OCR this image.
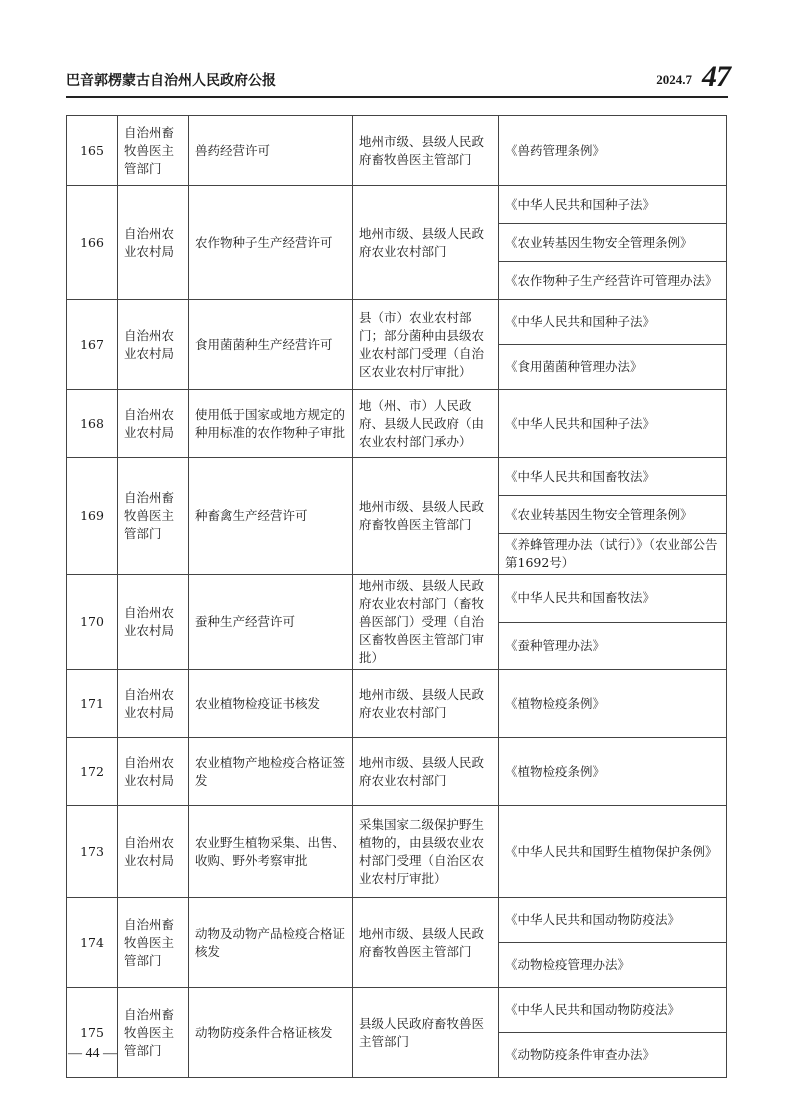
巴音郭楞蒙古自治州人民政府公报	2024.7 47
165	自治州畜牧兽医主管部门	兽药经营许可	地州市级、县级人民政府畜牧兽医主管部门	《兽药管理条例》
166	自治州农业农村局	农作物种子生产经营许可	地州市级、县级人民政府农业农村部门	《中华人民共和国种子法》
				《农业转基因生物安全管理条例》
				《农作物种子生产经营许可管理办法》
167	自治州农业农村局	食用菌菌种生产经营许可	县（市）农业农村部门；部分菌种由县级农业农村部门受理（自治区农业农村厅审批）	《中华人民共和国种子法》
				《食用菌菌种管理办法》
168	自治州农业农村局	使用低于国家或地方规定的种用标准的农作物种子审批	地（州、市）人民政府、县级人民政府（由农业农村部门承办）	《中华人民共和国种子法》
169	自治州畜牧兽医主管部门	种畜禽生产经营许可	地州市级、县级人民政府畜牧兽医主管部门	《中华人民共和国畜牧法》
				《农业转基因生物安全管理条例》
				《养蜂管理办法（试行）》（农业部公告第1692号）
170	自治州农业农村局	蚕种生产经营许可	地州市级、县级人民政府农业农村部门（畜牧兽医部门）受理（自治区畜牧兽医主管部门审批）	《中华人民共和国畜牧法》
				《蚕种管理办法》
171	自治州农业农村局	农业植物检疫证书核发	地州市级、县级人民政府农业农村部门	《植物检疫条例》
172	自治州农业农村局	农业植物产地检疫合格证签发	地州市级、县级人民政府农业农村部门	《植物检疫条例》
173	自治州农业农村局	农业野生植物采集、出售、收购、野外考察审批	采集国家二级保护野生植物的，由县级农业农村部门受理（自治区农业农村厅审批）	《中华人民共和国野生植物保护条例》
174	自治州畜牧兽医主管部门	动物及动物产品检疫合格证核发	地州市级、县级人民政府畜牧兽医主管部门	《中华人民共和国动物防疫法》
				《动物检疫管理办法》
175	自治州畜牧兽医主管部门	动物防疫条件合格证核发	县级人民政府畜牧兽医主管部门	《中华人民共和国动物防疫法》
				《动物防疫条件审查办法》
— 44 —
